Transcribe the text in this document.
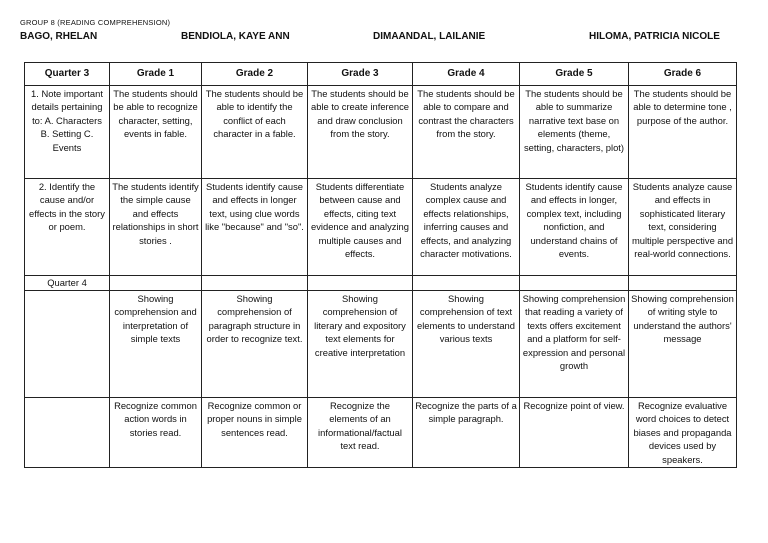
GROUP 8 (READING COMPREHENSION)
BAGO, RHELAN	BENDIOLA, KAYE ANN	DIMAANDAL, LAILANIE	HILOMA, PATRICIA NICOLE
Quarter 3	Grade 1	Grade 2	Grade 3	Grade 4	Grade 5	Grade 6
1. Note important details pertaining to: A. Characters B. Setting C. Events	The students should be able to recognize character, setting, events in fable.	The students should be able to identify the conflict of each character in a fable.	The students should be able to create inference and draw conclusion from the story.	The students should be able to compare and contrast the characters from the story.	The students should be able to summarize narrative text base on elements (theme, setting, characters, plot)	The students should be able to determine tone , purpose of the author.
2. Identify the cause and/or effects in the story or poem.	The students identify the simple cause and effects relationships in short stories .	Students identify cause and effects in longer text, using clue words like "because" and "so".	Students differentiate between cause and effects, citing text evidence and analyzing multiple causes and effects.	Students analyze complex cause and effects relationships, inferring causes and effects, and analyzing character motivations.	Students identify cause and effects in longer, complex text, including nonfiction, and understand chains of events.	Students analyze cause and effects in sophisticated literary text, considering multiple perspective and real-world connections.
Quarter 4						
	Showing comprehension and interpretation of simple texts	Showing comprehension of paragraph structure in order to recognize text.	Showing comprehension of literary and expository text elements for creative interpretation	Showing comprehension of text elements to understand various texts	Showing comprehension that reading a variety of texts offers excitement and a platform for self-expression and personal growth	Showing comprehension of writing style to understand the authors' message
	Recognize common action words in stories read.	Recognize common or proper nouns in simple sentences read.	Recognize the elements of an informational/factual text read.	Recognize the parts of a simple paragraph.	Recognize point of view.	Recognize evaluative word choices to detect biases and propaganda devices used by speakers.
